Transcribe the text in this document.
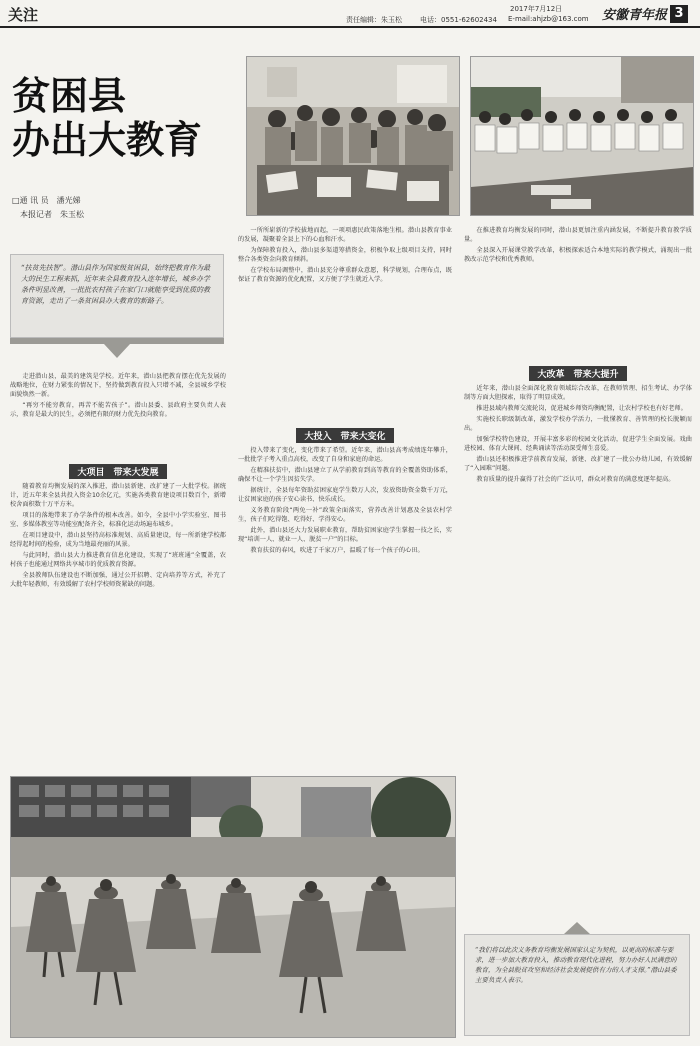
关注	2017年7月12日
责任编辑：朱玉松	电话：0551-62602434 E-mail:ahjzb@163.com 安徽青年报 3
贫困县
办出大教育
□通 讯 员　潘光娣
　本报记者　朱玉松
“扶贫先扶智”。潜山县作为国家级贫困县，始终把教育作为最大的民生工程来抓，近年来全县教育投入连年增长，城乡办学条件明显改善，一批批农村孩子在家门口就能享受到优质的教育资源，走出了一条贫困县办大教育的新路子。

走进潜山县，最美的建筑是学校。近年来，潜山县把教育摆在优先发展的战略地位，在财力紧张的情况下，坚持做到教育投入只增不减，全县城乡学校面貌焕然一新。

“再穷不能穷教育，再苦不能苦孩子”。潜山县委、县政府主要负责人表示，教育是最大的民生，必须把有限的财力优先投向教育。

大项目　带来大发展

随着教育均衡发展的深入推进，潜山县新建、改扩建了一大批学校。据统计，近五年来全县共投入资金10余亿元，实施各类教育建设项目数百个，新增校舍面积数十万平方米。

项目的落地带来了办学条件的根本改善。如今，全县中小学实验室、图书室、多媒体教室等功能室配备齐全，标准化运动场遍布城乡。

在项目建设中，潜山县坚持高标准规划、高质量建设，每一所新建学校都经得起时间的检验，成为当地最亮丽的风景。

与此同时，潜山县大力推进教育信息化建设，实现了“班班通”全覆盖，农村孩子也能通过网络共享城市的优质教育资源。

全县教师队伍建设也不断加强，通过公开招聘、定向培养等方式，补充了大批年轻教师，有效缓解了农村学校师资紧缺的问题。

一所所崭新的学校拔地而起，一项项惠民政策落地生根。潜山县教育事业的发展，凝聚着全县上下的心血和汗水。

为保障教育投入，潜山县多渠道筹措资金，积极争取上级项目支持，同时整合各类资金向教育倾斜。

在学校布局调整中，潜山县充分尊重群众意愿，科学规划，合理布点，既保证了教育资源的优化配置，又方便了学生就近入学。

大投入　带来大变化

投入带来了变化，变化带来了希望。近年来，潜山县高考成绩连年攀升，一批批学子考入重点高校，改变了自身和家庭的命运。

在精准扶贫中，潜山县建立了从学前教育到高等教育的全覆盖资助体系，确保不让一个学生因贫失学。

据统计，全县每年资助贫困家庭学生数万人次，发放资助资金数千万元，让贫困家庭的孩子安心读书、快乐成长。

义务教育阶段“两免一补”政策全面落实，营养改善计划惠及全县农村学生，孩子们吃得饱、吃得好、学得安心。

此外，潜山县还大力发展职业教育，帮助贫困家庭学生掌握一技之长，实现“培训一人、就业一人、脱贫一户”的目标。

教育扶贫的春风，吹进了千家万户，温暖了每一个孩子的心田。

在推进教育均衡发展的同时，潜山县更加注重内涵发展，不断提升教育教学质量。

全县深入开展课堂教学改革，积极探索适合本地实际的教学模式，涌现出一批教改示范学校和优秀教师。

大改革　带来大提升

近年来，潜山县全面深化教育领域综合改革，在教师管理、招生考试、办学体制等方面大胆探索，取得了明显成效。

推进县域内教师交流轮岗，促进城乡师资均衡配置，让农村学校也有好老师。

实施校长职级制改革，激发学校办学活力，一批懂教育、善管理的校长脱颖而出。

加强学校特色建设，开展丰富多彩的校园文化活动，促进学生全面发展。戏曲进校园、体育大课间、经典诵读等活动深受师生喜爱。

潜山县还积极推进学前教育发展，新建、改扩建了一批公办幼儿园，有效缓解了“入园难”问题。

教育质量的提升赢得了社会的广泛认可，群众对教育的满意度逐年提高。

“我们将以此次义务教育均衡发展国家认定为契机，以更高的标准与要求，进一步加大教育投入，推动教育现代化进程，努力办好人民满意的教育，为全县脱贫攻坚和经济社会发展提供有力的人才支撑。”潜山县委主要负责人表示。
